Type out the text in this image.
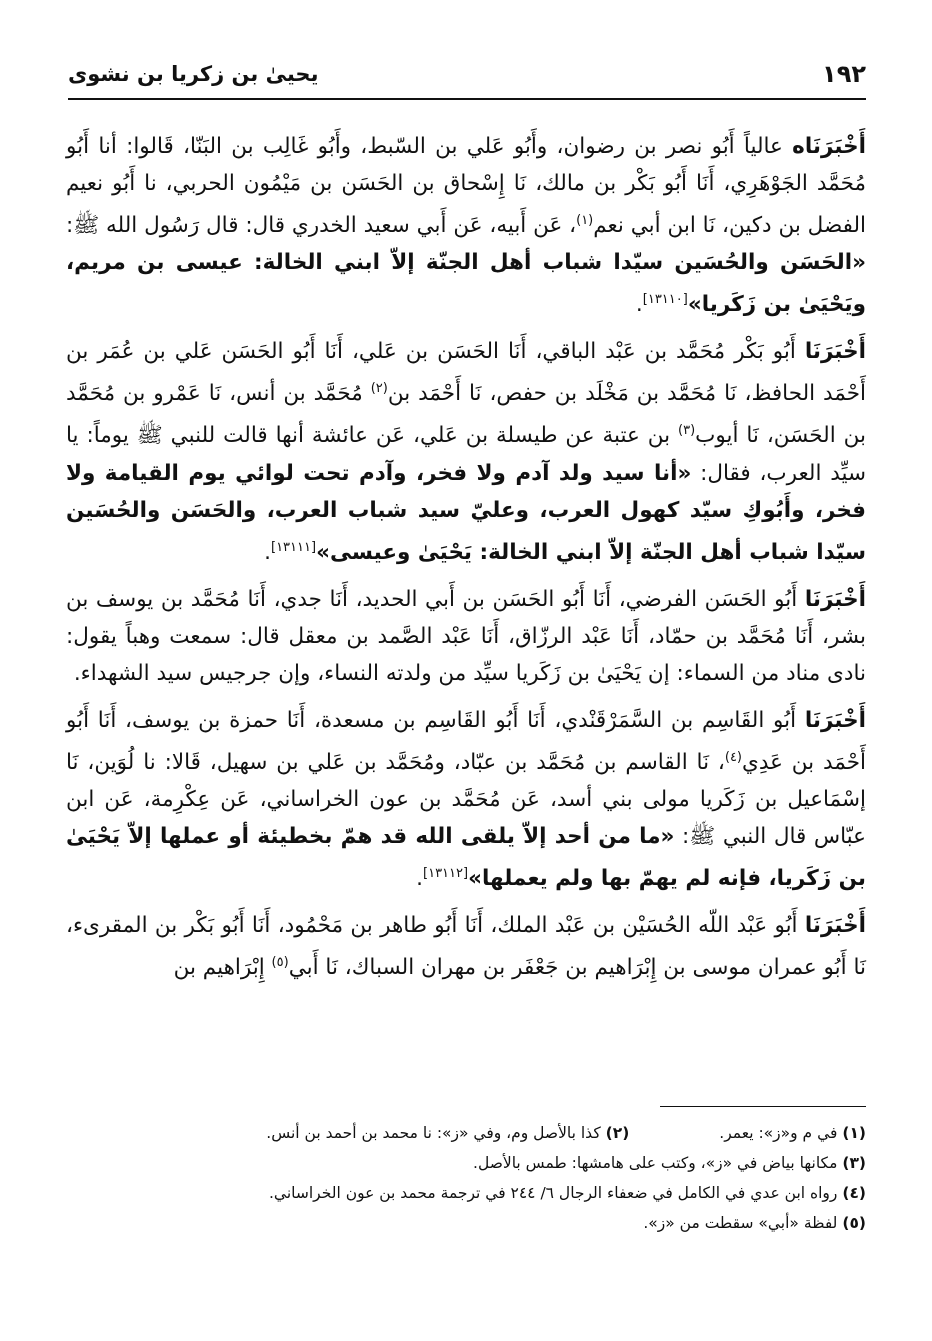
١٩٢
يحيىٰ بن زكريا بن نشوى

أَخْبَرَنَاه عالياً أَبُو نصر بن رضوان، وأَبُو عَلي بن السّبط، وأَبُو غَالِب بن البَنّا، قَالوا: أنا أَبُو مُحَمَّد الجَوْهَرِي، أَنَا أَبُو بَكْر بن مالك، نَا إِسْحاق بن الحَسَن بن مَيْمُون الحربي، نا أَبُو نعيم الفضل بن دكين، نَا ابن أبي نعم$^{(١)}$، عَن أَبيه، عَن أَبي سعيد الخدري قال: قال رَسُول الله ﷺ: «الحَسَن والحُسَين سيّدا شباب أهل الجنّة إلاّ ابني الخالة: عيسى بن مريم، ويَحْيَىٰ بن زَكَريا»[١٣١١٠].

أَخْبَرَنَا أَبُو بَكْر مُحَمَّد بن عَبْد الباقي، أَنَا الحَسَن بن عَلي، أَنَا أَبُو الحَسَن عَلي بن عُمَر بن أَحْمَد الحافظ، نَا مُحَمَّد بن مَخْلَد بن حفص، نَا أَحْمَد بن$^{(٢)}$ مُحَمَّد بن أنس، نَا عَمْرو بن مُحَمَّد بن الحَسَن، نَا أيوب$^{(٣)}$ بن عتبة عن طيسلة بن عَلي، عَن عائشة أنها قالت للنبي ﷺ يوماً: يا سيِّد العرب، فقال: «أنا سيد ولد آدم ولا فخر، وآدم تحت لوائي يوم القيامة ولا فخر، وأَبُوكِ سيّد كهول العرب، وعليّ سيد شباب العرب، والحَسَن والحُسَين سيّدا شباب أهل الجنّة إلاّ ابني الخالة: يَحْيَىٰ وعيسى»[١٣١١١].

أَخْبَرَنَا أَبُو الحَسَن الفرضي، أَنَا أَبُو الحَسَن بن أَبي الحديد، أَنَا جدي، أَنَا مُحَمَّد بن يوسف بن بشر، أَنَا مُحَمَّد بن حمّاد، أَنَا عَبْد الرزّاق، أَنَا عَبْد الصَّمد بن معقل قال: سمعت وهباً يقول: نادى مناد من السماء: إن يَحْيَىٰ بن زَكَريا سيِّد من ولدته النساء، وإن جرجيس سيد الشهداء.

أَخْبَرَنَا أَبُو القَاسِم بن السَّمَرْقَنْدي، أَنَا أَبُو القَاسِم بن مسعدة، أَنَا حمزة بن يوسف، أَنَا أَبُو أَحْمَد بن عَدِي$^{(٤)}$، نَا القاسم بن مُحَمَّد بن عبّاد، ومُحَمَّد بن عَلي بن سهيل، قَالا: نا لُوَين، نَا إسْمَاعيل بن زَكَريا مولى بني أسد، عَن مُحَمَّد بن عون الخراساني، عَن عِكْرِمة، عَن ابن عبّاس قال النبي ﷺ: «ما من أحد إلاّ يلقى الله قد همّ بخطيئة أو عملها إلاّ يَحْيَىٰ بن زَكَريا، فإنه لم يهمّ بها ولم يعملها»[١٣١١٢].

أَخْبَرَنَا أَبُو عَبْد اللّه الحُسَيْن بن عَبْد الملك، أَنَا أَبُو طاهر بن مَحْمُود، أَنَا أَبُو بَكْر بن المقرىء، نَا أَبُو عمران موسى بن إِبْرَاهيم بن جَعْفَر بن مهران السباك، نَا أَبي$^{(٥)}$ إِبْرَاهيم بن

(١) في م و«ز»: يعمر.
(٢) كذا بالأصل وم، وفي «ز»: نا محمد بن أحمد بن أنس.
(٣) مكانها بياض في «ز»، وكتب على هامشها: طمس بالأصل.
(٤) رواه ابن عدي في الكامل في ضعفاء الرجال ٦/ ٢٤٤ في ترجمة محمد بن عون الخراساني.
(٥) لفظة «أبي» سقطت من «ز».
